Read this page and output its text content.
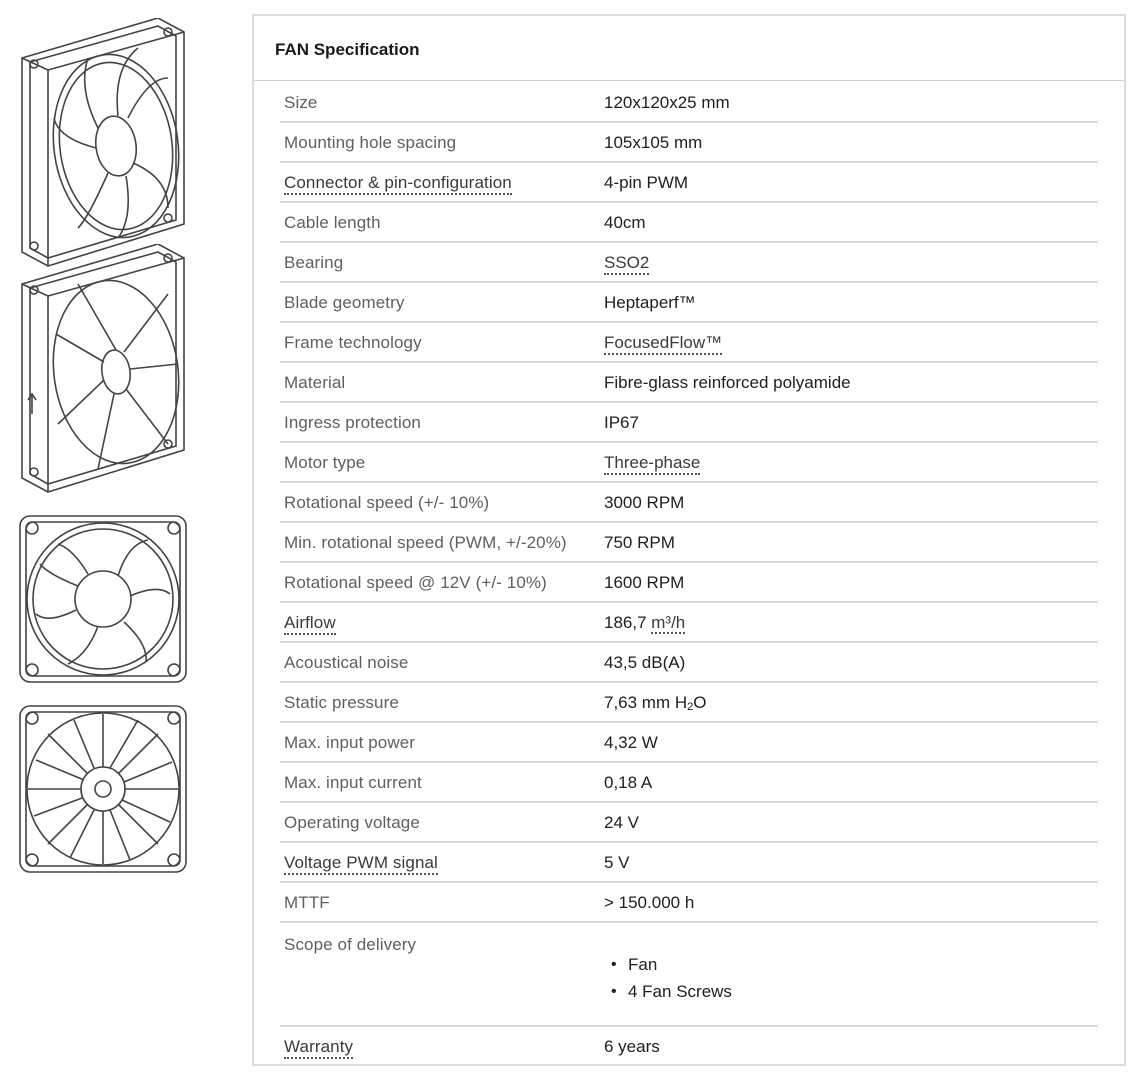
FAN Specification
Size	120x120x25 mm
Mounting hole spacing	105x105 mm
Connector & pin-configuration	4-pin PWM
Cable length	40cm
Bearing	SSO2
Blade geometry	Heptaperf™
Frame technology	FocusedFlow™
Material	Fibre-glass reinforced polyamide
Ingress protection	IP67
Motor type	Three-phase
Rotational speed (+/- 10%)	3000 RPM
Min. rotational speed (PWM, +/-20%) 750 RPM
Rotational speed @ 12V (+/- 10%)	1600 RPM
Airflow	186,7 m³/h
Acoustical noise	43,5 dB(A)
Static pressure	7,63 mm $H_2O$
Max. input power	4,32 W
Max. input current	0,18 A
Operating voltage	24 V
Voltage PWM signal	5 V
MTTF	> 150.000 h
Scope of delivery
• Fan
• 4 Fan Screws
Warranty	6 years
